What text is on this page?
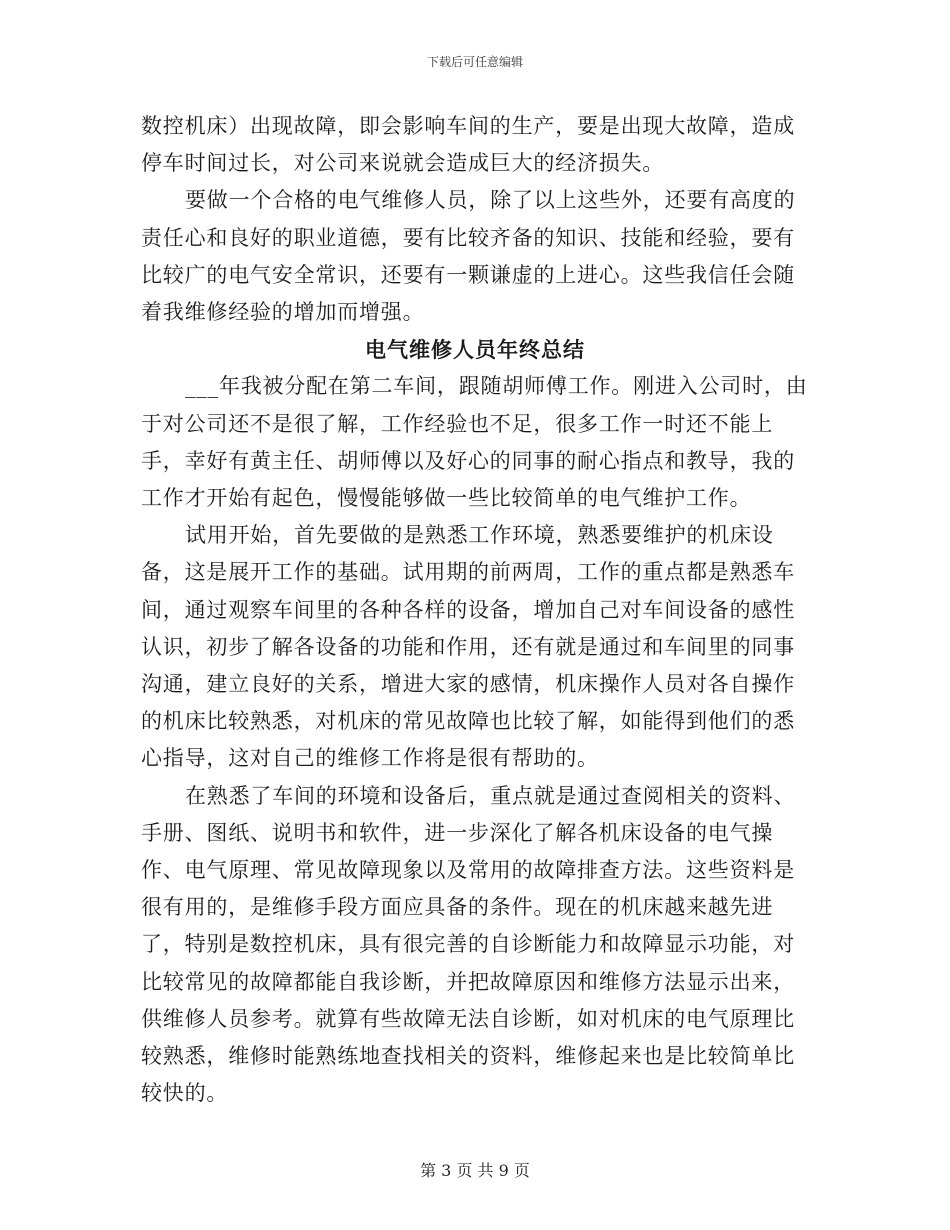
下载后可任意编辑

数控机床）出现故障，即会影响车间的生产，要是出现大故障，造成停车时间过长，对公司来说就会造成巨大的经济损失。

要做一个合格的电气维修人员，除了以上这些外，还要有高度的责任心和良好的职业道德，要有比较齐备的知识、技能和经验，要有比较广的电气安全常识，还要有一颗谦虚的上进心。这些我信任会随着我维修经验的增加而增强。

电气维修人员年终总结

___年我被分配在第二车间，跟随胡师傅工作。刚进入公司时，由于对公司还不是很了解，工作经验也不足，很多工作一时还不能上手，幸好有黄主任、胡师傅以及好心的同事的耐心指点和教导，我的工作才开始有起色，慢慢能够做一些比较简单的电气维护工作。

试用开始，首先要做的是熟悉工作环境，熟悉要维护的机床设备，这是展开工作的基础。试用期的前两周，工作的重点都是熟悉车间，通过观察车间里的各种各样的设备，增加自己对车间设备的感性认识，初步了解各设备的功能和作用，还有就是通过和车间里的同事沟通，建立良好的关系，增进大家的感情，机床操作人员对各自操作的机床比较熟悉，对机床的常见故障也比较了解，如能得到他们的悉心指导，这对自己的维修工作将是很有帮助的。

在熟悉了车间的环境和设备后，重点就是通过查阅相关的资料、手册、图纸、说明书和软件，进一步深化了解各机床设备的电气操作、电气原理、常见故障现象以及常用的故障排查方法。这些资料是很有用的，是维修手段方面应具备的条件。现在的机床越来越先进了，特别是数控机床，具有很完善的自诊断能力和故障显示功能，对比较常见的故障都能自我诊断，并把故障原因和维修方法显示出来，供维修人员参考。就算有些故障无法自诊断，如对机床的电气原理比较熟悉，维修时能熟练地查找相关的资料，维修起来也是比较简单比较快的。

第 3 页 共 9 页
